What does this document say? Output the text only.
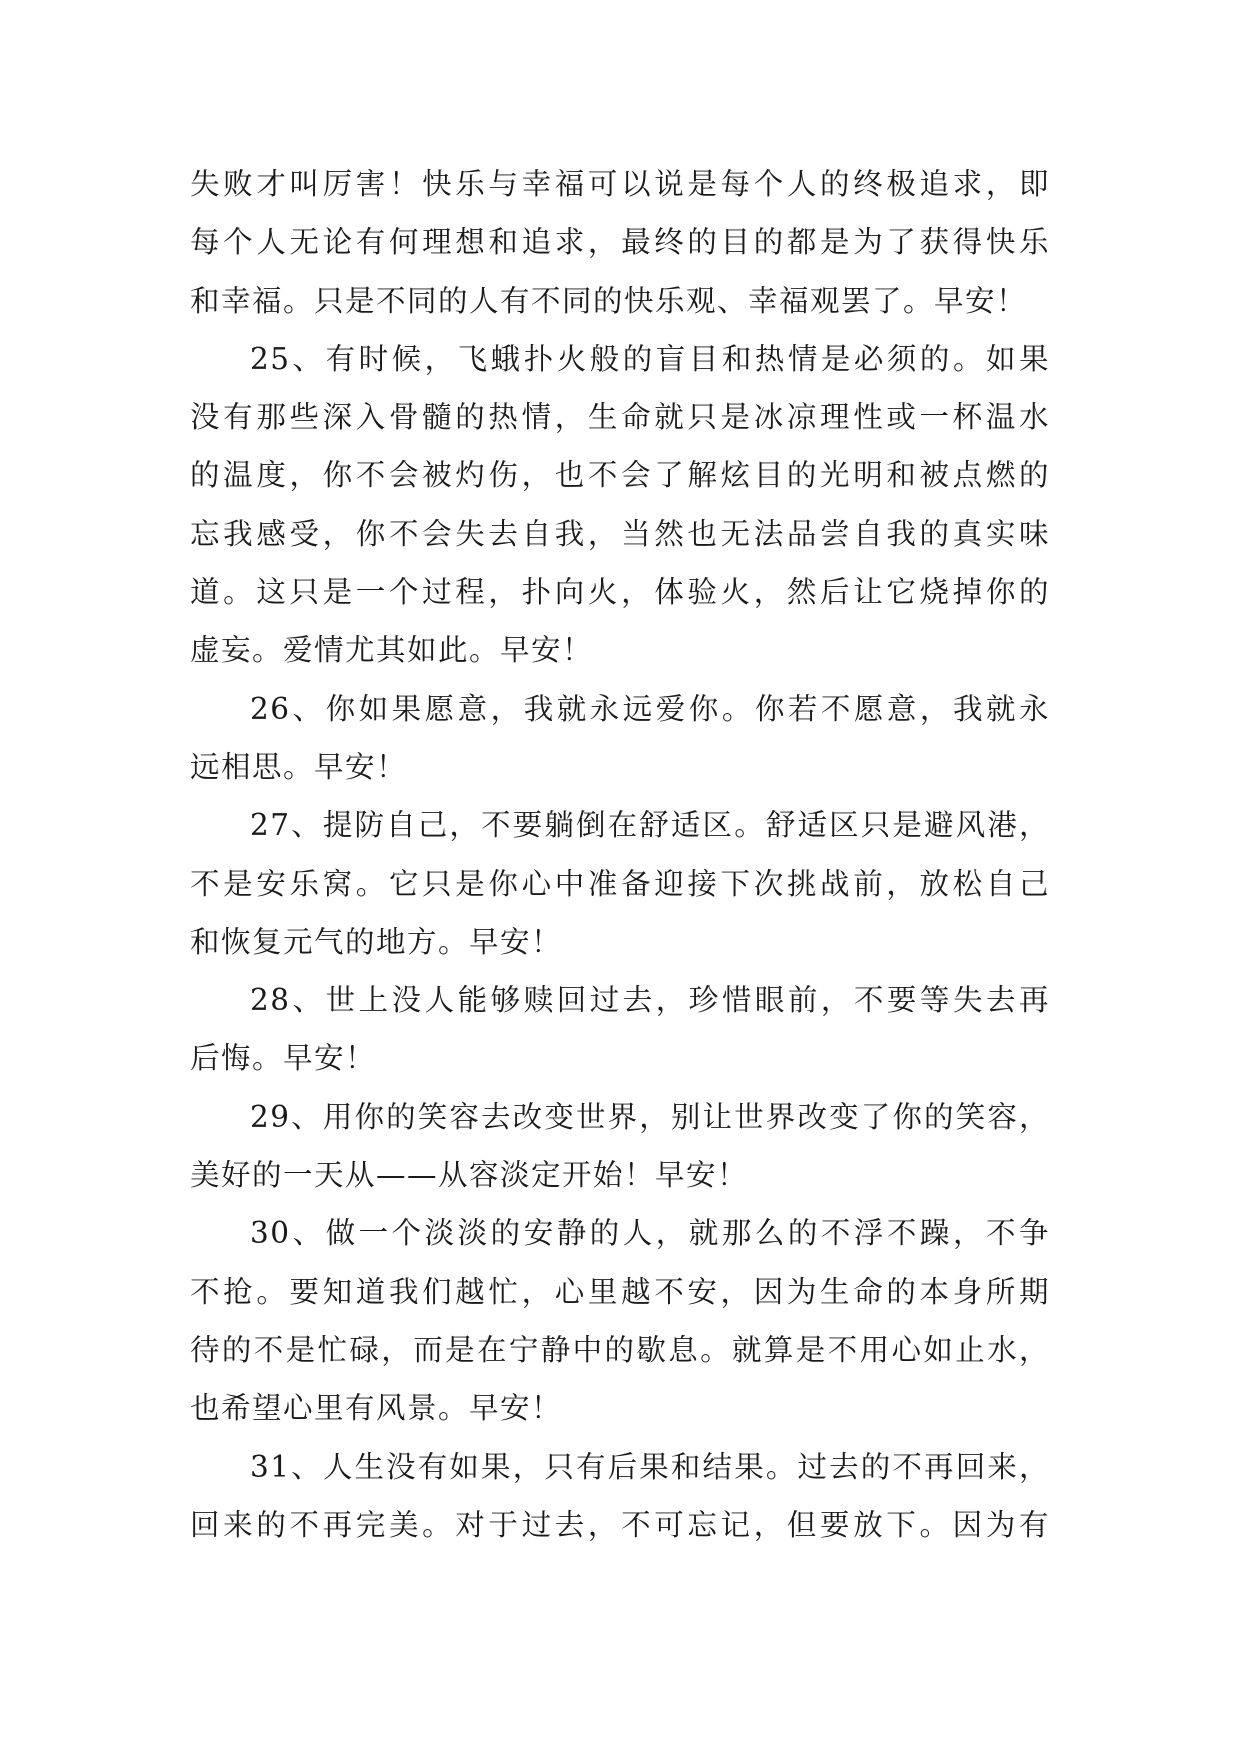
失败才叫厉害！快乐与幸福可以说是每个人的终极追求，即
每个人无论有何理想和追求，最终的目的都是为了获得快乐
和幸福。只是不同的人有不同的快乐观、幸福观罢了。早安！
25、有时候，飞蛾扑火般的盲目和热情是必须的。如果
没有那些深入骨髓的热情，生命就只是冰凉理性或一杯温水
的温度，你不会被灼伤，也不会了解炫目的光明和被点燃的
忘我感受，你不会失去自我，当然也无法品尝自我的真实味
道。这只是一个过程，扑向火，体验火，然后让它烧掉你的
虚妄。爱情尤其如此。早安！
26、你如果愿意，我就永远爱你。你若不愿意，我就永
远相思。早安！
27、提防自己，不要躺倒在舒适区。舒适区只是避风港，
不是安乐窝。它只是你心中准备迎接下次挑战前，放松自己
和恢复元气的地方。早安！
28、世上没人能够赎回过去，珍惜眼前，不要等失去再
后悔。早安！
29、用你的笑容去改变世界，别让世界改变了你的笑容，
美好的一天从——从容淡定开始！早安！
30、做一个淡淡的安静的人，就那么的不浮不躁，不争
不抢。要知道我们越忙，心里越不安，因为生命的本身所期
待的不是忙碌，而是在宁静中的歇息。就算是不用心如止水，
也希望心里有风景。早安！
31、人生没有如果，只有后果和结果。过去的不再回来，
回来的不再完美。对于过去，不可忘记，但要放下。因为有
